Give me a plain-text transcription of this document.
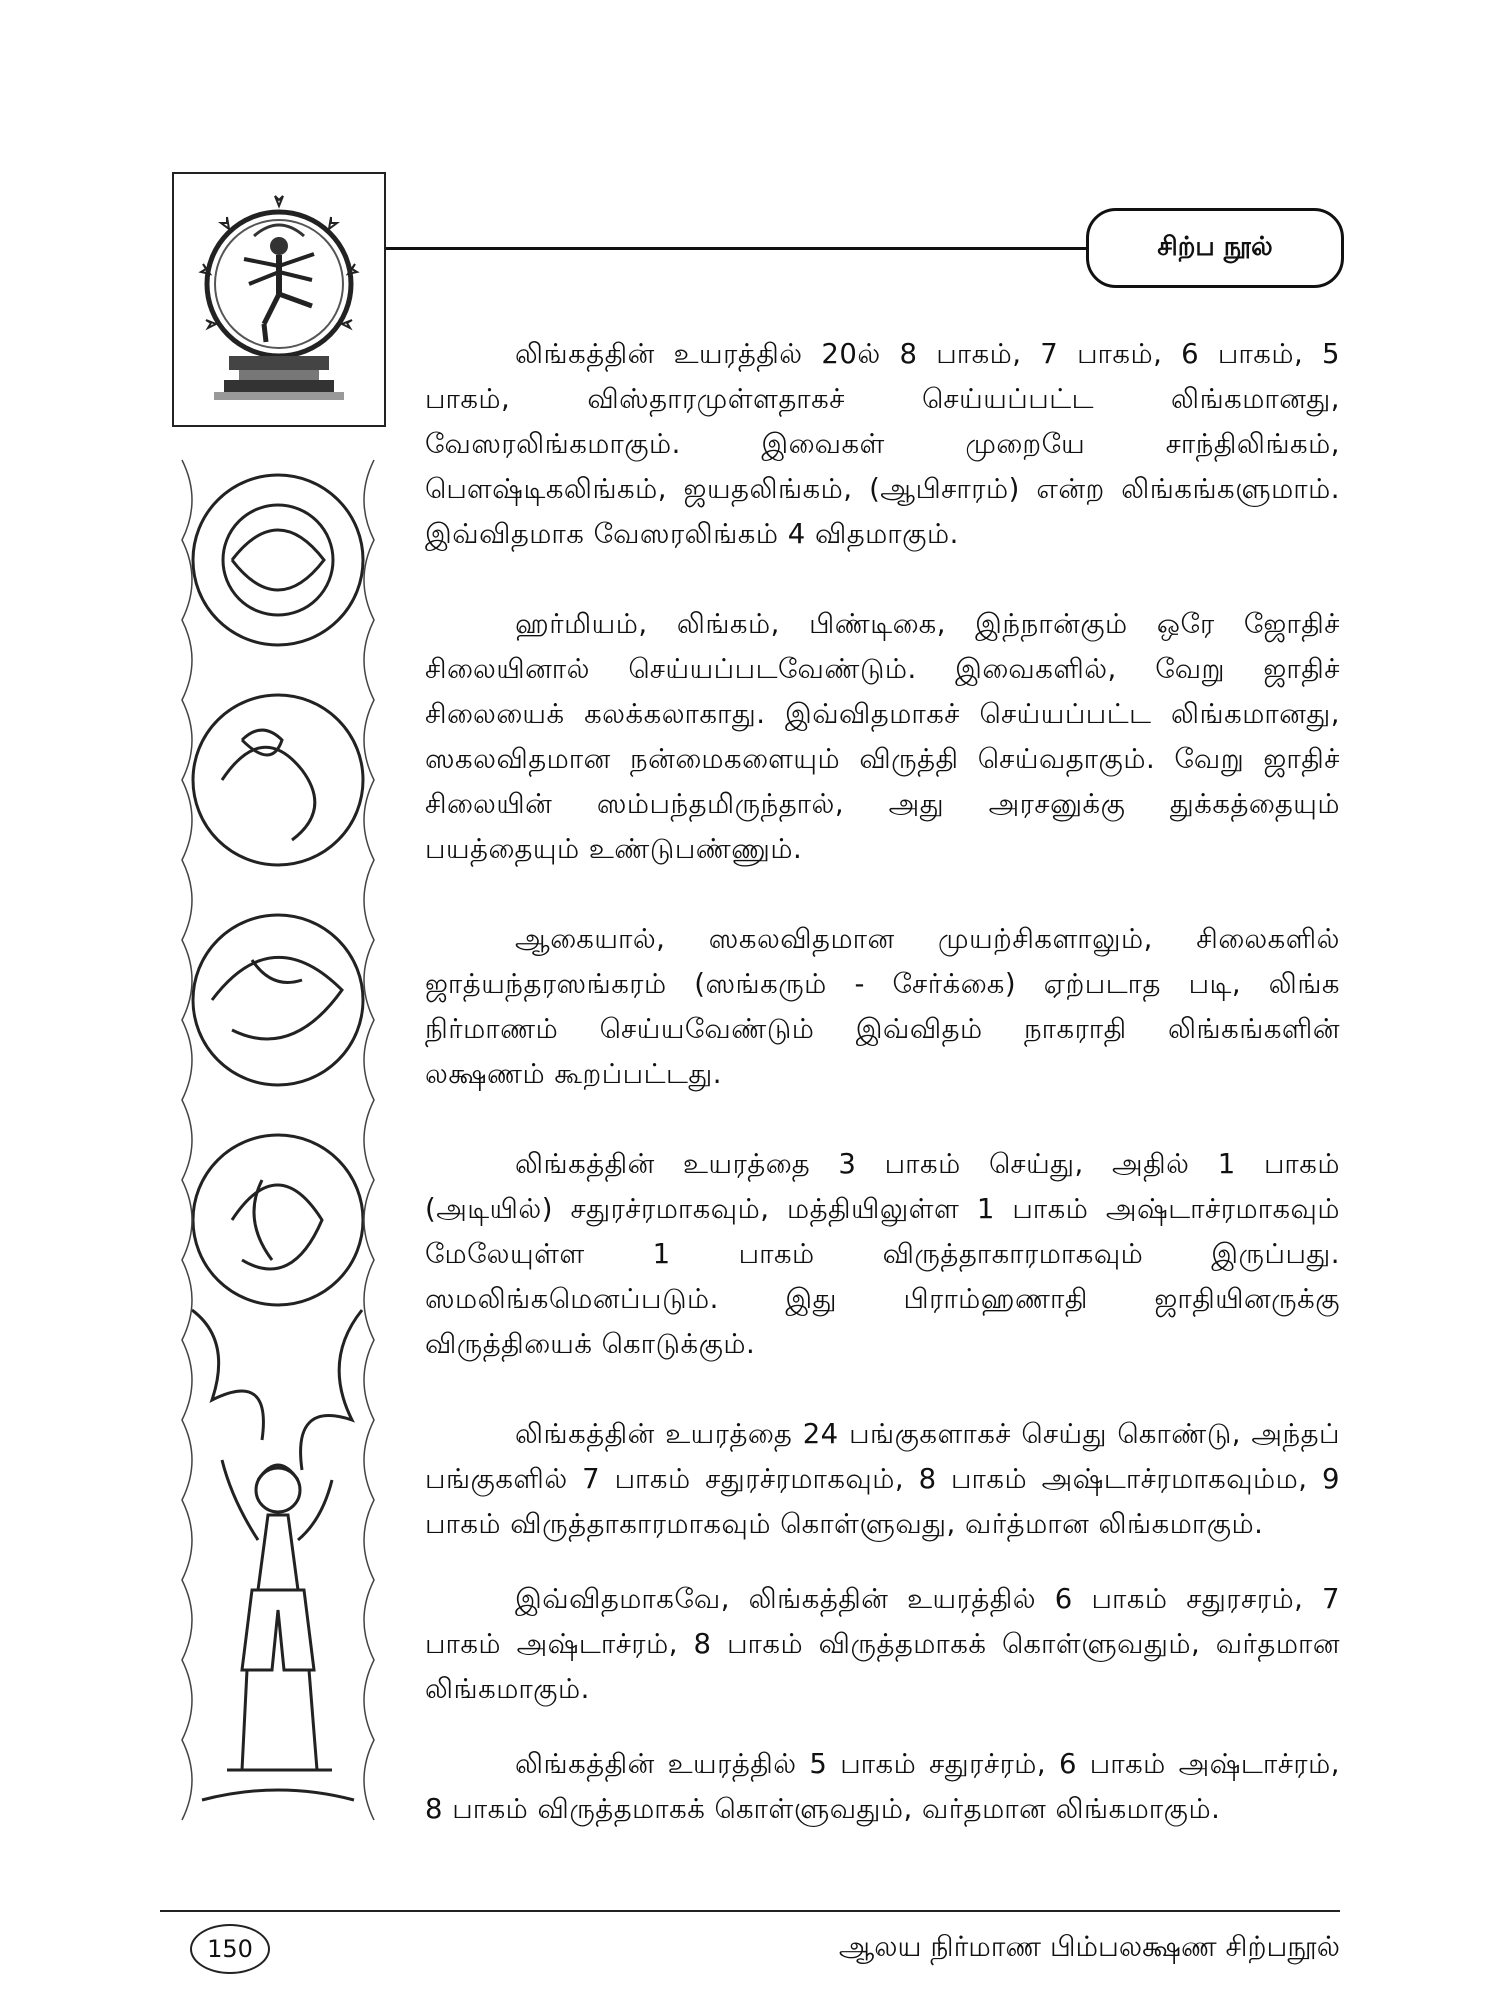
சிற்ப நூல்

லிங்கத்தின் உயரத்தில் 20ல் 8 பாகம், 7 பாகம், 6 பாகம், 5 பாகம், விஸ்தாரமுள்ளதாகச் செய்யப்பட்ட லிங்கமானது, வேஸரலிங்கமாகும். இவைகள் முறையே சாந்திலிங்கம், பௌஷ்டிகலிங்கம், ஜயதலிங்கம், (ஆபிசாரம்) என்ற லிங்கங்களுமாம். இவ்விதமாக வேஸரலிங்கம் 4 விதமாகும்.

ஹர்மியம், லிங்கம், பிண்டிகை, இந்நான்கும் ஒரே ஜோதிச் சிலையினால் செய்யப்படவேண்டும். இவைகளில், வேறு ஜாதிச் சிலையைக் கலக்கலாகாது. இவ்விதமாகச் செய்யப்பட்ட லிங்கமானது, ஸகலவிதமான நன்மைகளையும் விருத்தி செய்வதாகும். வேறு ஜாதிச் சிலையின் ஸம்பந்தமிருந்தால், அது அரசனுக்கு துக்கத்தையும் பயத்தையும் உண்டுபண்ணும்.

ஆகையால், ஸகலவிதமான முயற்சிகளாலும், சிலைகளில் ஜாத்யந்தரஸங்கரம் (ஸங்கரும் - சேர்க்கை) ஏற்படாத படி, லிங்க நிர்மாணம் செய்யவேண்டும் இவ்விதம் நாகராதி லிங்கங்களின் லக்ஷணம் கூறப்பட்டது.

லிங்கத்தின் உயரத்தை 3 பாகம் செய்து, அதில் 1 பாகம் (அடியில்) சதுரச்ரமாகவும், மத்தியிலுள்ள 1 பாகம் அஷ்டாச்ரமாகவும் மேலேயுள்ள 1 பாகம் விருத்தாகாரமாகவும் இருப்பது. ஸமலிங்கமெனப்படும். இது பிராம்ஹணாதி ஜாதியினருக்கு விருத்தியைக் கொடுக்கும்.

லிங்கத்தின் உயரத்தை 24 பங்குகளாகச் செய்து கொண்டு, அந்தப் பங்குகளில் 7 பாகம் சதுரச்ரமாகவும், 8 பாகம் அஷ்டாச்ரமாகவும்ம, 9 பாகம் விருத்தாகாரமாகவும் கொள்ளுவது, வர்த்மான லிங்கமாகும்.

இவ்விதமாகவே, லிங்கத்தின் உயரத்தில் 6 பாகம் சதுரசரம், 7 பாகம் அஷ்டாச்ரம், 8 பாகம் விருத்தமாகக் கொள்ளுவதும், வர்தமான லிங்கமாகும்.

லிங்கத்தின் உயரத்தில் 5 பாகம் சதுரச்ரம், 6 பாகம் அஷ்டாச்ரம், 8 பாகம் விருத்தமாகக் கொள்ளுவதும், வர்தமான லிங்கமாகும்.

150	ஆலய நிர்மாண பிம்பலக்ஷண சிற்பநூல்
